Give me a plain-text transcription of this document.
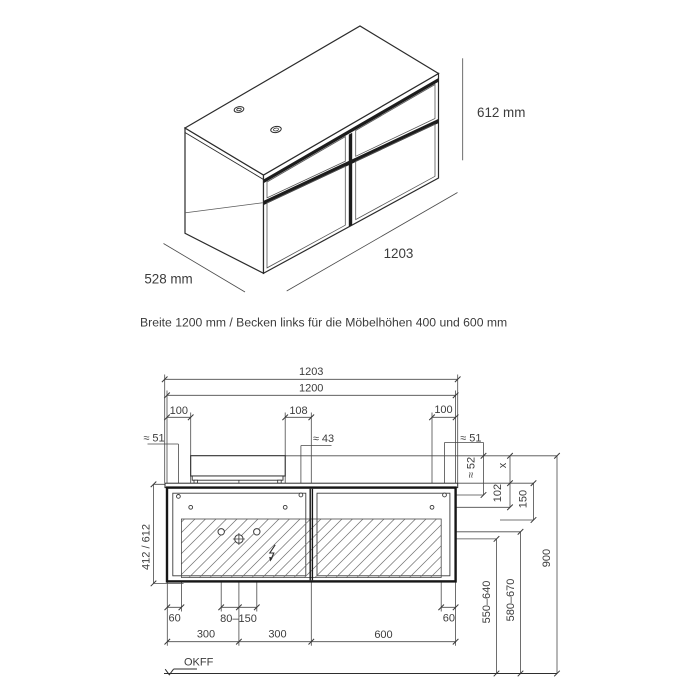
612 mm
1203
528 mm
Breite 1200 mm / Becken links für die Möbelhöhen 400 und 600 mm
1203
1200
100	108	100
≈ 51	≈ 43	≈ 51
60	80–150	60
300	300	600
OKFF
412 / 612
≈ 52 x
102 150
550–640 580–670
900
